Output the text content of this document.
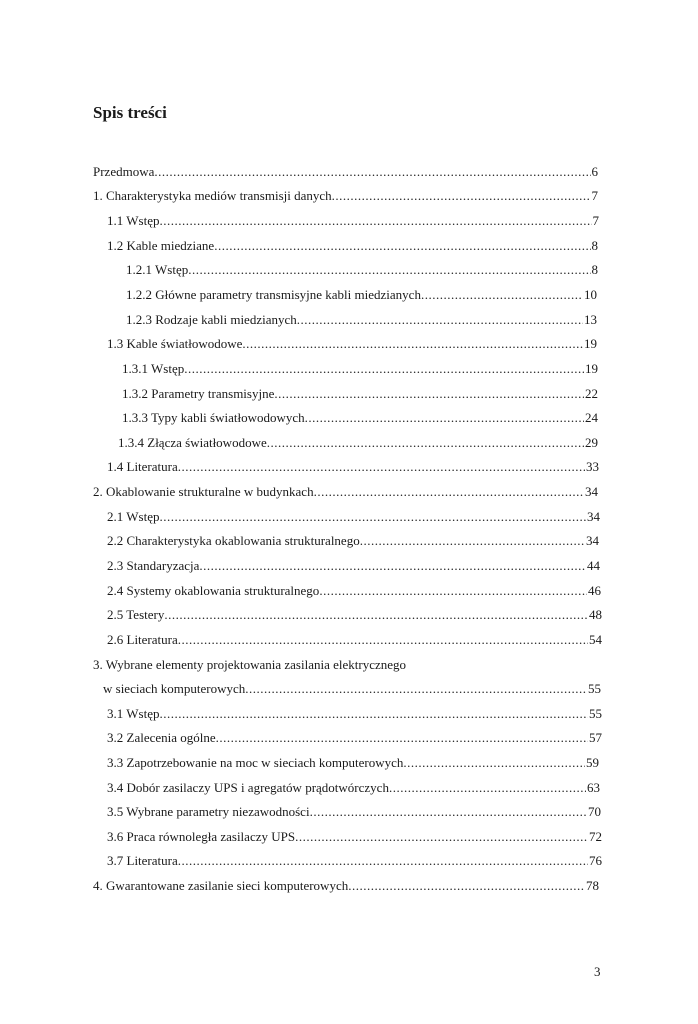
Spis treści
Przedmowa .....	6
1. Charakterystyka mediów transmisji danych .....	7
1.1 Wstęp .....	7
1.2 Kable miedziane .....	8
1.2.1 Wstęp .....	8
1.2.2 Główne parametry transmisyjne kabli miedzianych .....	10
1.2.3 Rodzaje kabli miedzianych .....	13
1.3 Kable światłowodowe .....	19
1.3.1 Wstęp .....	19
1.3.2 Parametry transmisyjne .....	22
1.3.3 Typy kabli światłowodowych .....	24
1.3.4 Złącza światłowodowe .....	29
1.4 Literatura .....	33
2. Okablowanie strukturalne w budynkach .....	34
2.1 Wstęp .....	34
2.2 Charakterystyka okablowania strukturalnego .....	34
2.3 Standaryzacja .....	44
2.4 Systemy okablowania strukturalnego .....	46
2.5 Testery .....	48
2.6 Literatura .....	54
3. Wybrane elementy projektowania zasilania elektrycznego
w sieciach komputerowych .....	55
3.1 Wstęp .....	55
3.2 Zalecenia ogólne .....	57
3.3 Zapotrzebowanie na moc w sieciach komputerowych .....	59
3.4 Dobór zasilaczy UPS i agregatów prądotwórczych .....	63
3.5 Wybrane parametry niezawodności .....	70
3.6 Praca równoległa zasilaczy UPS .....	72
3.7 Literatura .....	76
4. Gwarantowane zasilanie sieci komputerowych .....	78
3
